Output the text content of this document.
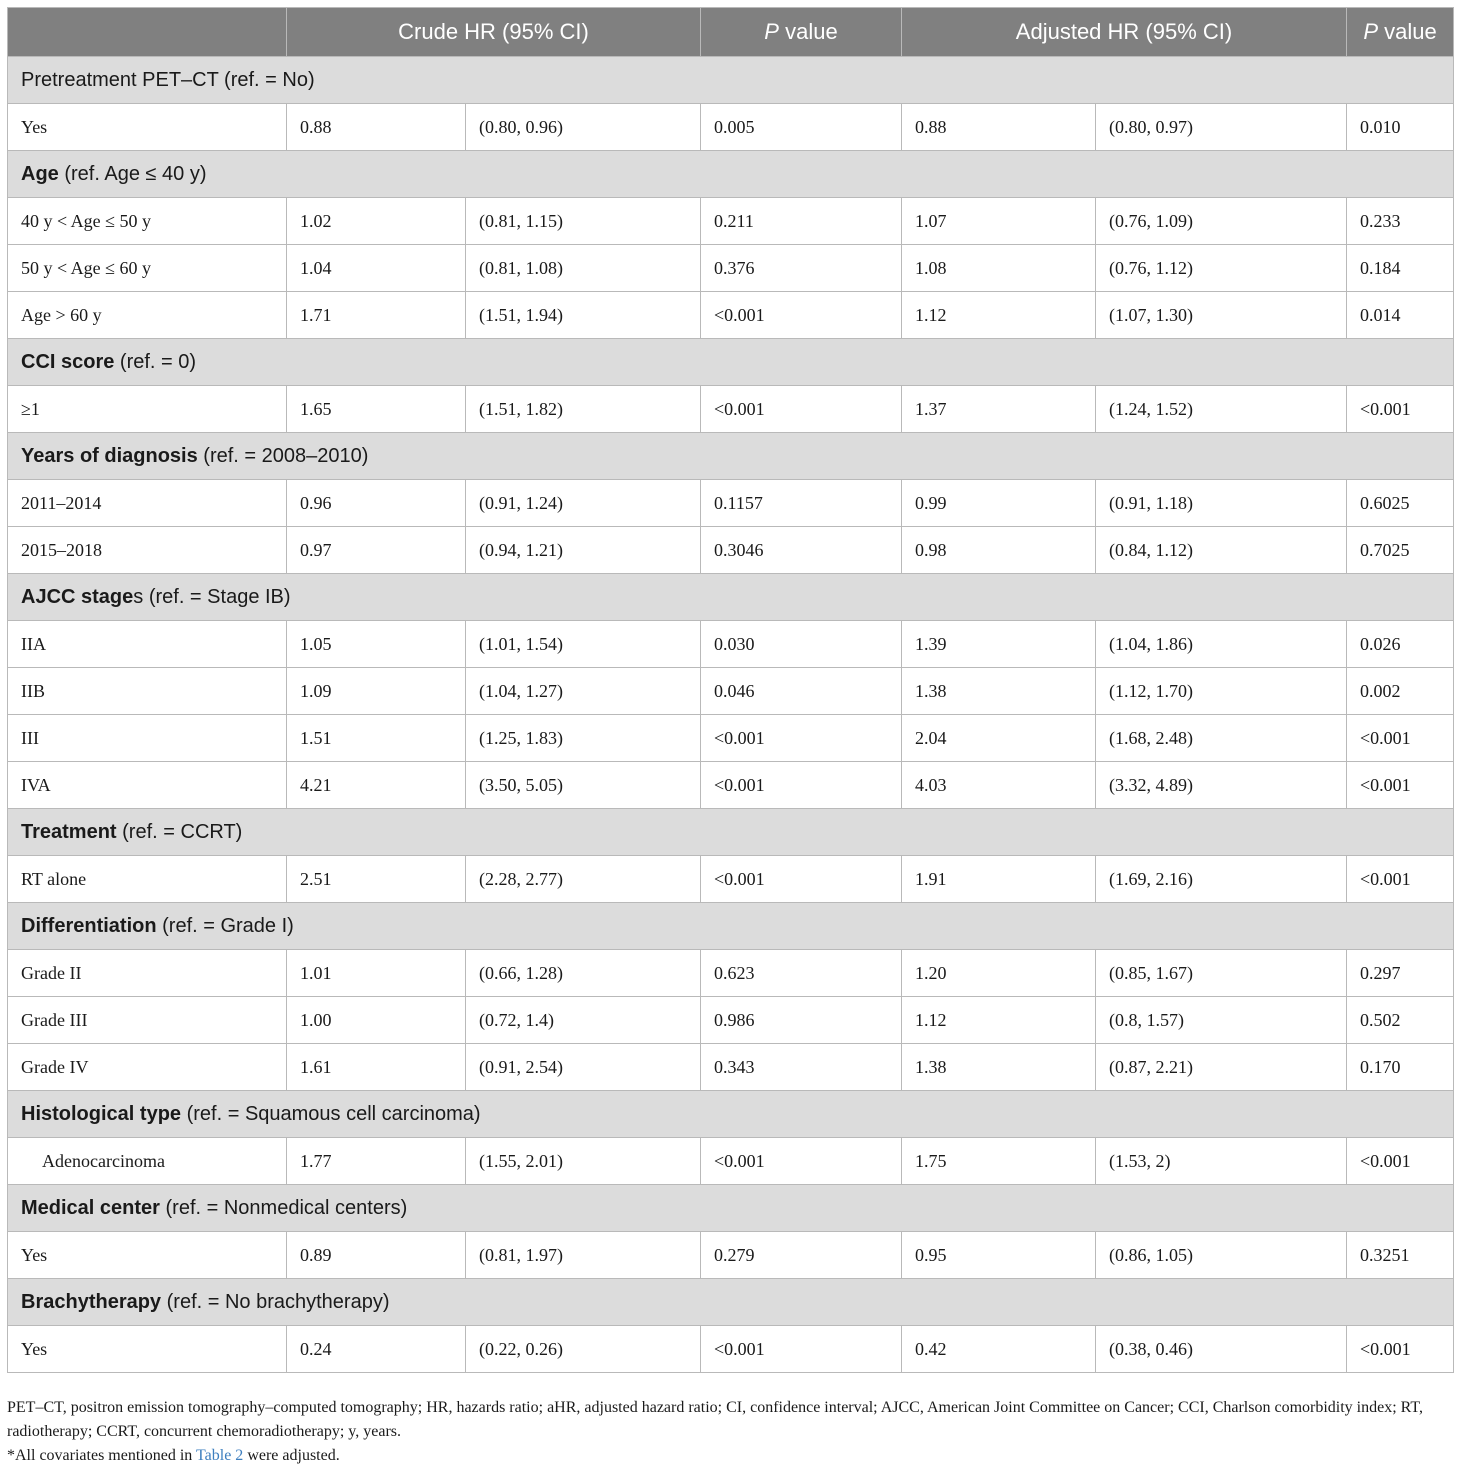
	Crude HR (95% CI)		P value	Adjusted HR (95% CI)		P value
Pretreatment PET–CT (ref. = No)						
Yes	0.88	(0.80, 0.96)	0.005	0.88	(0.80, 0.97)	0.010
Age (ref. Age ≤ 40 y)						
40 y < Age ≤ 50 y	1.02	(0.81, 1.15)	0.211	1.07	(0.76, 1.09)	0.233
50 y < Age ≤ 60 y	1.04	(0.81, 1.08)	0.376	1.08	(0.76, 1.12)	0.184
Age > 60 y	1.71	(1.51, 1.94)	<0.001	1.12	(1.07, 1.30)	0.014
CCI score (ref. = 0)						
≥1	1.65	(1.51, 1.82)	<0.001	1.37	(1.24, 1.52)	<0.001
Years of diagnosis (ref. = 2008–2010)						
2011–2014	0.96	(0.91, 1.24)	0.1157	0.99	(0.91, 1.18)	0.6025
2015–2018	0.97	(0.94, 1.21)	0.3046	0.98	(0.84, 1.12)	0.7025
AJCC stages (ref. = Stage IB)						
IIA	1.05	(1.01, 1.54)	0.030	1.39	(1.04, 1.86)	0.026
IIB	1.09	(1.04, 1.27)	0.046	1.38	(1.12, 1.70)	0.002
III	1.51	(1.25, 1.83)	<0.001	2.04	(1.68, 2.48)	<0.001
IVA	4.21	(3.50, 5.05)	<0.001	4.03	(3.32, 4.89)	<0.001
Treatment (ref. = CCRT)						
RT alone	2.51	(2.28, 2.77)	<0.001	1.91	(1.69, 2.16)	<0.001
Differentiation (ref. = Grade I)						
Grade II	1.01	(0.66, 1.28)	0.623	1.20	(0.85, 1.67)	0.297
Grade III	1.00	(0.72, 1.4)	0.986	1.12	(0.8, 1.57)	0.502
Grade IV	1.61	(0.91, 2.54)	0.343	1.38	(0.87, 2.21)	0.170
Histological type (ref. = Squamous cell carcinoma)						
Adenocarcinoma	1.77	(1.55, 2.01)	<0.001	1.75	(1.53, 2)	<0.001
Medical center (ref. = Nonmedical centers)						
Yes	0.89	(0.81, 1.97)	0.279	0.95	(0.86, 1.05)	0.3251
Brachytherapy (ref. = No brachytherapy)						
Yes	0.24	(0.22, 0.26)	<0.001	0.42	(0.38, 0.46)	<0.001
PET–CT, positron emission tomography–computed tomography; HR, hazards ratio; aHR, adjusted hazard ratio; CI, confidence interval; AJCC, American Joint Committee on Cancer; CCI, Charlson comorbidity index; RT, radiotherapy; CCRT, concurrent chemoradiotherapy; y, years.
*All covariates mentioned in Table 2 were adjusted.
